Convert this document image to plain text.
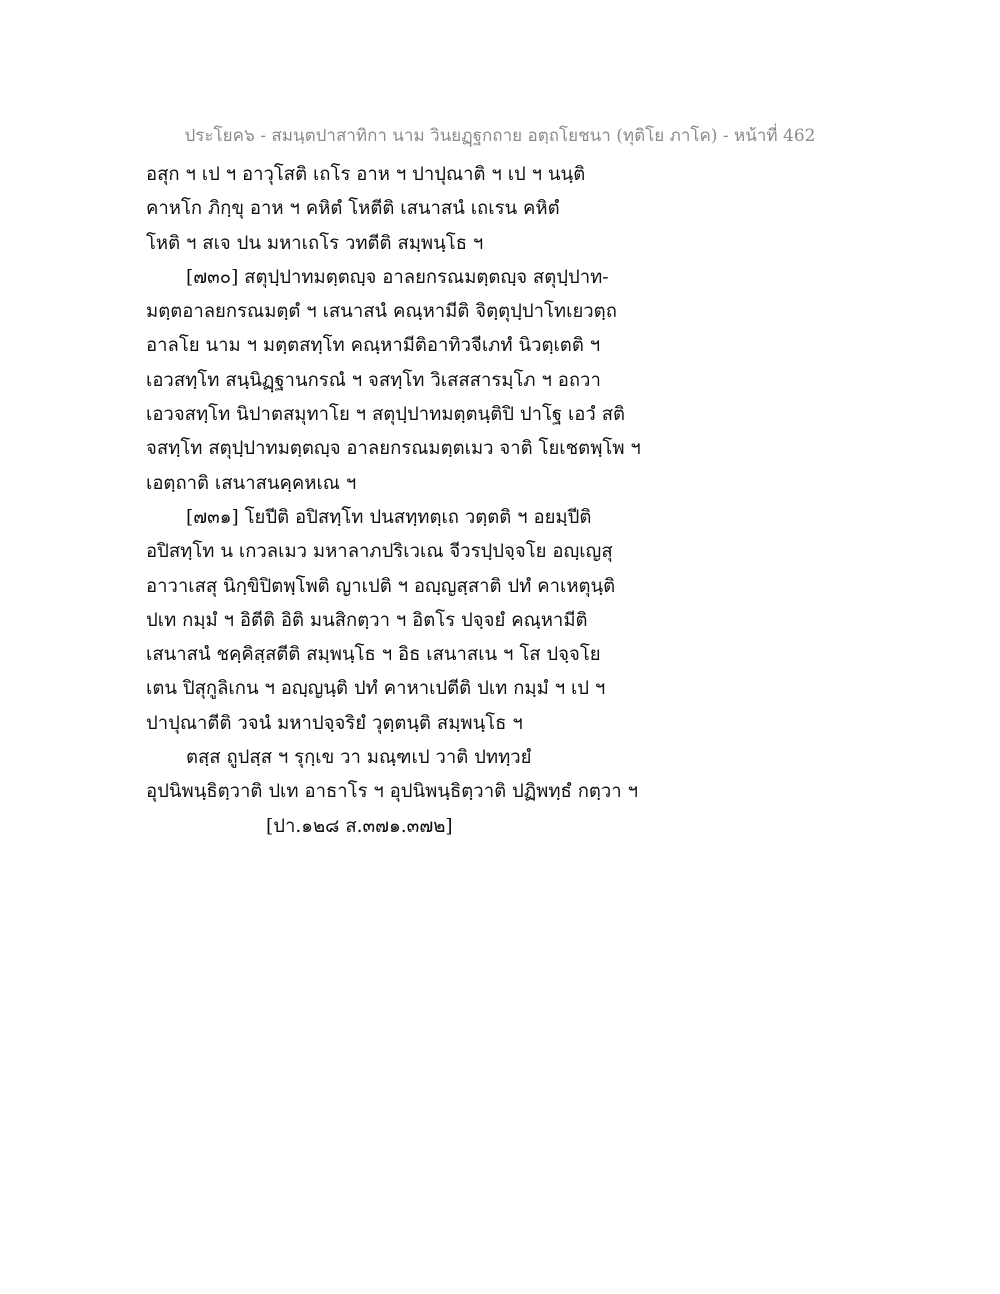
ประโยค๖ - สมนฺตปาสาทิกา นาม วินยฏฺฐกถาย อตฺถโยชนา (ทุติโย ภาโค) - หน้าที่ 462
อสุก ฯ เป ฯ อาวุโสติ เถโร อาห ฯ ปาปุณาติ ฯ เป ฯ นนฺติ
คาหโก ภิกฺขุ อาห ฯ คหิตํ โหตีติ เสนาสนํ เถเรน คหิตํ
โหติ ฯ สเจ ปน มหาเถโร วทตีติ สมฺพนฺโธ ฯ
[๗๓๐] สตุปฺปาทมตฺตญฺจ อาลยกรณมตฺตญฺจ สตุปฺปาท-
มตฺตอาลยกรณมตฺตํ ฯ เสนาสนํ คณฺหามีติ จิตฺตุปฺปาโทเยวตฺถ
อาลโย นาม ฯ มตฺตสทฺโท คณฺหามีติอาทิวจีเภทํ นิวตฺเตติ ฯ
เอวสทฺโท สนฺนิฏฺฐานกรณํ ฯ จสทฺโท วิเสสสารมฺโภ ฯ อถวา
เอวจสทฺโท นิปาตสมุทาโย ฯ สตุปฺปาทมตฺตนฺติปิ ปาโฐ เอวํ สติ
จสทฺโท สตุปฺปาทมตฺตญฺจ อาลยกรณมตฺตเมว จาติ โยเชตพฺโพ ฯ
เอตฺถาติ เสนาสนคฺคหเณ ฯ
[๗๓๑] โยปีติ อปิสทฺโท ปนสทฺทตฺเถ วตฺตติ ฯ อยมฺปีติ
อปิสทฺโท น เกวลเมว มหาลาภปริเวเณ จีวรปฺปจฺจโย อญฺเญสุ
อาวาเสสุ นิกฺขิปิตพฺโพติ ญาเปติ ฯ อญฺญสฺสาติ ปทํ คาเหตุนฺติ
ปเท กมฺมํ ฯ อิตีติ อิติ มนสิกตฺวา ฯ อิตโร ปจฺจยํ คณฺหามีติ
เสนาสนํ ชคฺคิสฺสตีติ สมฺพนฺโธ ฯ อิธ เสนาสเน ฯ โส ปจฺจโย
เตน ปิสุกูลิเกน ฯ อญฺญนฺติ ปทํ คาหาเปตีติ ปเท กมฺมํ ฯ เป ฯ
ปาปุณาตีติ วจนํ มหาปจฺจริยํ วุตฺตนฺติ สมฺพนฺโธ ฯ
ตสฺส ถูปสฺส ฯ รุกฺเข วา มณฺฑเป วาติ ปททฺวยํ
อุปนิพนฺธิตฺวาติ ปเท อาธาโร ฯ อุปนิพนฺธิตฺวาติ ปฏิพทฺธํ กตฺวา ฯ
[ปา.๑๒๘ ส.๓๗๑.๓๗๒]
